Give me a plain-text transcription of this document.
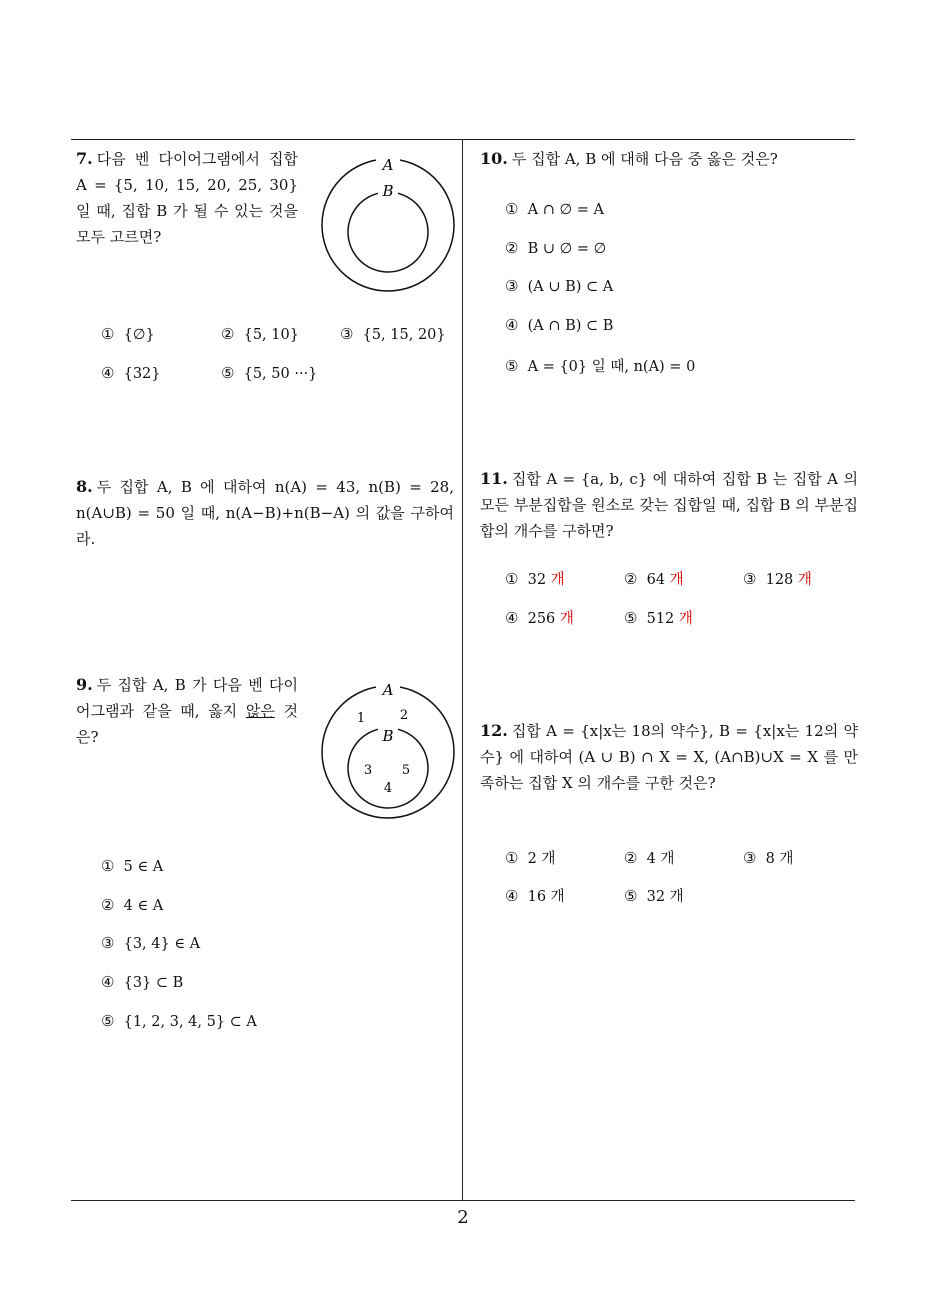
7. 다음 벤 다이어그램에서 집합 A = {5, 10, 15, 20, 25, 30} 일 때, 집합 B 가 될 수 있는 것을 모두 고르면?
A
B
① {∅}	② {5, 10}	③ {5, 15, 20}
④ {32}	⑤ {5, 50 ···}
8. 두 집합 A, B 에 대하여 n(A) = 43, n(B) = 28, n(A∪B) = 50 일 때, n(A−B)+n(B−A) 의 값을 구하여라.
9. 두 집합 A, B 가 다음 벤 다이어그램과 같을 때, 옳지 않은 것은?
A
B
1	2
3 5
4
① 5 ∈ A
② 4 ∈ A
③ {3, 4} ∈ A
④ {3} ⊂ B
⑤ {1, 2, 3, 4, 5} ⊂ A
10. 두 집합 A, B 에 대해 다음 중 옳은 것은?
① A ∩ ∅ = A
② B ∪ ∅ = ∅
③ (A ∪ B) ⊂ A
④ (A ∩ B) ⊂ B
⑤ A = {0} 일 때, n(A) = 0
11. 집합 A = {a, b, c} 에 대하여 집합 B 는 집합 A 의 모든 부분집합을 원소로 갖는 집합일 때, 집합 B 의 부분집합의 개수를 구하면?
① 32 개	② 64 개	③ 128 개
④ 256 개	⑤ 512 개
12. 집합 A = {x|x는 18의 약수}, B = {x|x는 12의 약수} 에 대하여 (A ∪ B) ∩ X = X, (A∩B)∪X = X 를 만족하는 집합 X 의 개수를 구한 것은?
① 2 개	② 4 개	③ 8 개
④ 16 개	⑤ 32 개
2
